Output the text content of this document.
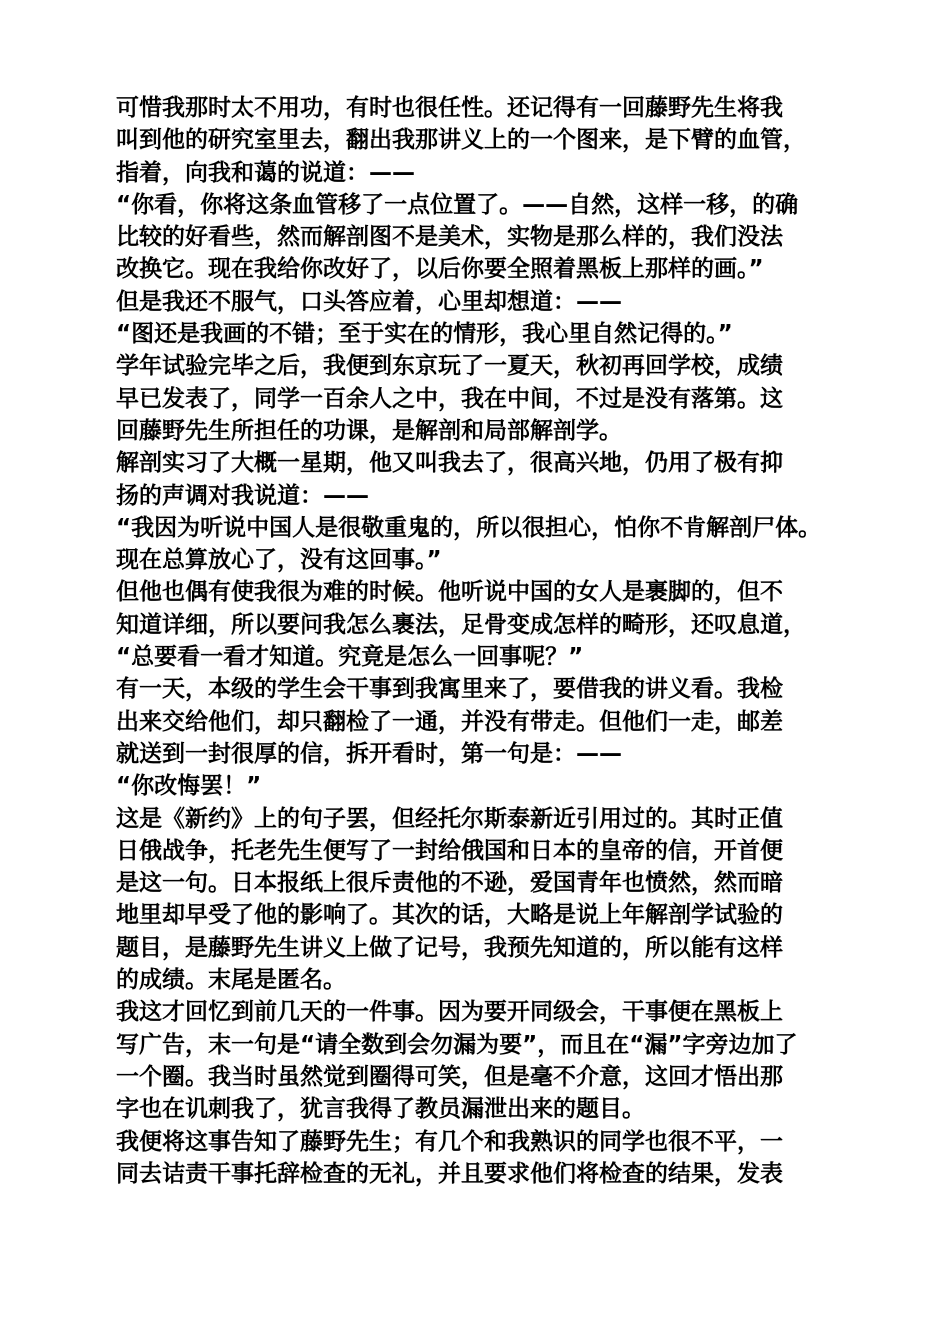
可惜我那时太不用功，有时也很任性。还记得有一回藤野先生将我
叫到他的研究室里去，翻出我那讲义上的一个图来，是下臂的血管，
指着，向我和蔼的说道：——
“你看，你将这条血管移了一点位置了。——自然，这样一移，的确
比较的好看些，然而解剖图不是美术，实物是那么样的，我们没法
改换它。现在我给你改好了，以后你要全照着黑板上那样的画。”
但是我还不服气，口头答应着，心里却想道：——
“图还是我画的不错；至于实在的情形，我心里自然记得的。”
学年试验完毕之后，我便到东京玩了一夏天，秋初再回学校，成绩
早已发表了，同学一百余人之中，我在中间，不过是没有落第。这
回藤野先生所担任的功课，是解剖和局部解剖学。
解剖实习了大概一星期，他又叫我去了，很高兴地，仍用了极有抑
扬的声调对我说道：——
“我因为听说中国人是很敬重鬼的，所以很担心，怕你不肯解剖尸体。
现在总算放心了，没有这回事。”
但他也偶有使我很为难的时候。他听说中国的女人是裹脚的，但不
知道详细，所以要问我怎么裹法，足骨变成怎样的畸形，还叹息道，
“总要看一看才知道。究竟是怎么一回事呢？”
有一天，本级的学生会干事到我寓里来了，要借我的讲义看。我检
出来交给他们，却只翻检了一通，并没有带走。但他们一走，邮差
就送到一封很厚的信，拆开看时，第一句是：——
“你改悔罢！”
这是《新约》上的句子罢，但经托尔斯泰新近引用过的。其时正值
日俄战争，托老先生便写了一封给俄国和日本的皇帝的信，开首便
是这一句。日本报纸上很斥责他的不逊，爱国青年也愤然，然而暗
地里却早受了他的影响了。其次的话，大略是说上年解剖学试验的
题目，是藤野先生讲义上做了记号，我预先知道的，所以能有这样
的成绩。末尾是匿名。
我这才回忆到前几天的一件事。因为要开同级会，干事便在黑板上
写广告，末一句是“请全数到会勿漏为要”，而且在“漏”字旁边加了
一个圈。我当时虽然觉到圈得可笑，但是毫不介意，这回才悟出那
字也在讥刺我了，犹言我得了教员漏泄出来的题目。
我便将这事告知了藤野先生；有几个和我熟识的同学也很不平，一
同去诘责干事托辞检查的无礼，并且要求他们将检查的结果，发表
